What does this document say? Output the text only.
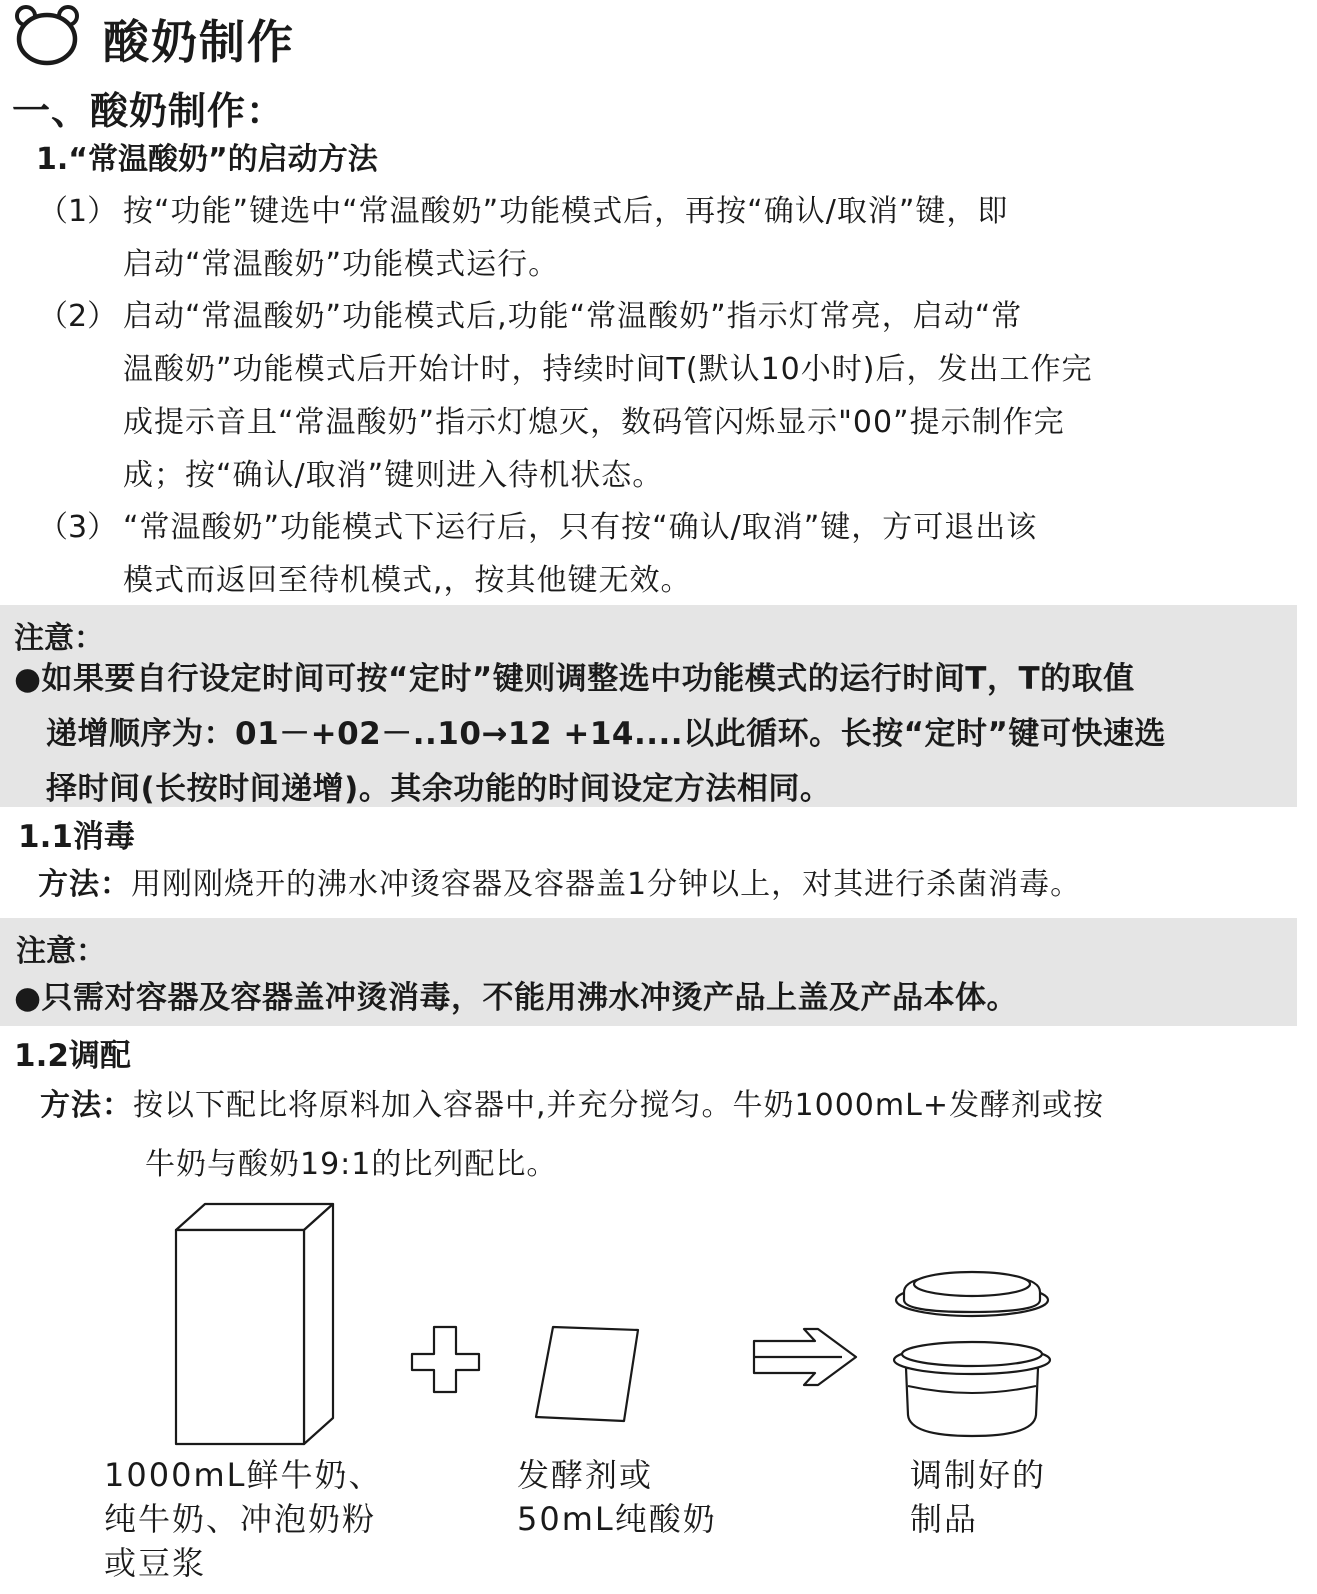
酸奶制作
一、酸奶制作：
1.“常温酸奶”的启动方法
（1） 按“功能”键选中“常温酸奶”功能模式后，再按“确认/取消”键，即
启动“常温酸奶”功能模式运行。
（2） 启动“常温酸奶”功能模式后,功能“常温酸奶”指示灯常亮，启动“常
温酸奶”功能模式后开始计时，持续时间T(默认10小时)后，发出工作完
成提示音且“常温酸奶”指示灯熄灭，数码管闪烁显示"00”提示制作完
成；按“确认/取消”键则进入待机状态。
（3） “常温酸奶”功能模式下运行后，只有按“确认/取消”键，方可退出该
模式而返回至待机模式,，按其他键无效。
注意：
●如果要自行设定时间可按“定时”键则调整选中功能模式的运行时间T，T的取值
递增顺序为：01－+02－..10→12 +14....以此循环。长按“定时”键可快速选
择时间(长按时间递增)。其余功能的时间设定方法相同。
1.1消毒
方法：用刚刚烧开的沸水冲烫容器及容器盖1分钟以上，对其进行杀菌消毒。
注意：
●只需对容器及容器盖冲烫消毒，不能用沸水冲烫产品上盖及产品本体。
1.2调配
方法：按以下配比将原料加入容器中,并充分搅匀。牛奶1000mL+发酵剂或按
牛奶与酸奶19:1的比列配比。
1000mL鲜牛奶、
纯牛奶、冲泡奶粉
或豆浆
发酵剂或
50mL纯酸奶
调制好的
制品
